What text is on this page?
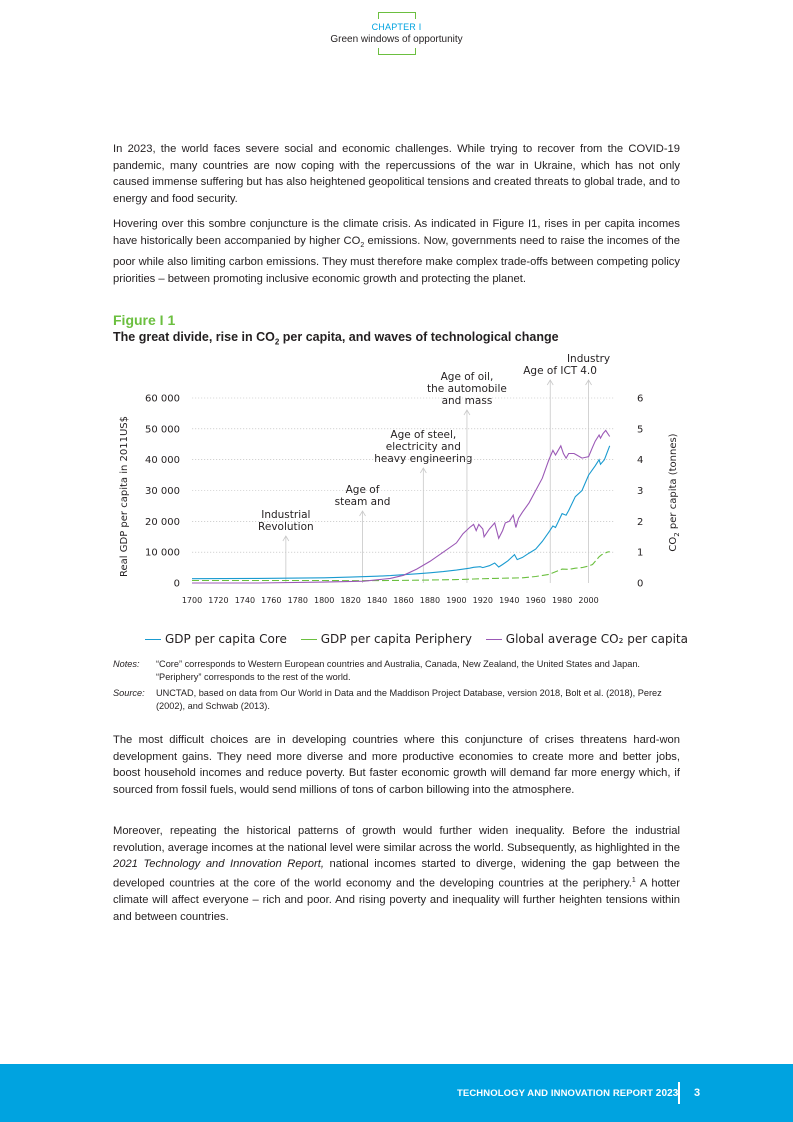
CHAPTER I
Green windows of opportunity

In 2023, the world faces severe social and economic challenges. While trying to recover from the COVID-19 pandemic, many countries are now coping with the repercussions of the war in Ukraine, which has not only caused immense suffering but has also heightened geopolitical tensions and created threats to global trade, and to energy and food security.

Hovering over this sombre conjuncture is the climate crisis. As indicated in Figure I1, rises in per capita incomes have historically been accompanied by higher $CO_2$ emissions. Now, governments need to raise the incomes of the poor while also limiting carbon emissions. They must therefore make complex trade-offs between competing policy priorities – between promoting inclusive economic growth and protecting the planet.

Figure I 1
The great divide, rise in $CO_2$ per capita, and waves of technological change
0
10 000
20 000
30 000
40 000
50 000
60 000
0
1
2
3
4
5
6
1700 1720 1740 1760 1780 1800 1820 1840 1860 1880 1900 1920 1940 1960 1980 2000
Real GDP per capita in 2011US$	$CO_2$ per capita (tonnes)
Industrial Revolution
Age of steam and
Age of steel, electricity and heavy engineering
Age of oil, the automobile and mass
Age of ICT
Industry 4.0
GDP per capita Core	GDP per capita Periphery	Global average CO₂ per capita
Notes: “Core” corresponds to Western European countries and Australia, Canada, New Zealand, the United States and Japan. “Periphery” corresponds to the rest of the world.
Source: UNCTAD, based on data from Our World in Data and the Maddison Project Database, version 2018, Bolt et al. (2018), Perez (2002), and Schwab (2013).

The most difficult choices are in developing countries where this conjuncture of crises threatens hard-won development gains. They need more diverse and more productive economies to create more and better jobs, boost household incomes and reduce poverty. But faster economic growth will demand far more energy which, if sourced from fossil fuels, would send millions of tons of carbon billowing into the atmosphere.

Moreover, repeating the historical patterns of growth would further widen inequality. Before the industrial revolution, average incomes at the national level were similar across the world. Subsequently, as highlighted in the 2021 Technology and Innovation Report, national incomes started to diverge, widening the gap between the developed countries at the core of the world economy and the developing countries at the periphery.$^1$ A hotter climate will affect everyone – rich and poor. And rising poverty and inequality will further heighten tensions within and between countries.

TECHNOLOGY AND INNOVATION REPORT 2023 3
